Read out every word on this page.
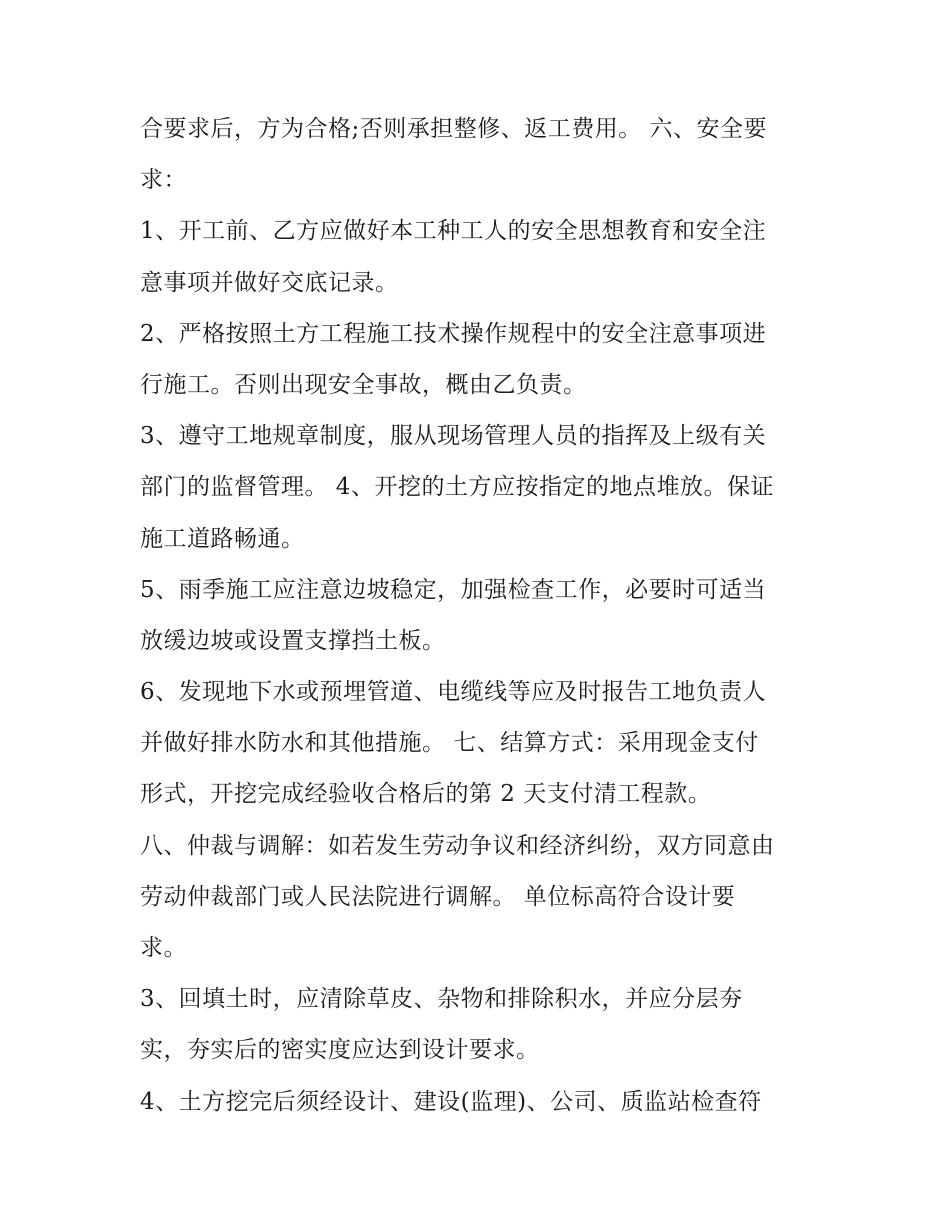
合要求后，方为合格;否则承担整修、返工费用。 六、安全要
求：
1、开工前、乙方应做好本工种工人的安全思想教育和安全注
意事项并做好交底记录。
2、严格按照土方工程施工技术操作规程中的安全注意事项进
行施工。否则出现安全事故，概由乙负责。
3、遵守工地规章制度，服从现场管理人员的指挥及上级有关
部门的监督管理。 4、开挖的土方应按指定的地点堆放。保证
施工道路畅通。
5、雨季施工应注意边坡稳定，加强检查工作，必要时可适当
放缓边坡或设置支撑挡土板。
6、发现地下水或预埋管道、电缆线等应及时报告工地负责人
并做好排水防水和其他措施。 七、结算方式：采用现金支付
形式，开挖完成经验收合格后的第 2 天支付清工程款。
八、仲裁与调解：如若发生劳动争议和经济纠纷，双方同意由
劳动仲裁部门或人民法院进行调解。 单位标高符合设计要
求。
3、回填土时，应清除草皮、杂物和排除积水，并应分层夯
实，夯实后的密实度应达到设计要求。
4、土方挖完后须经设计、建设(监理)、公司、质监站检查符
